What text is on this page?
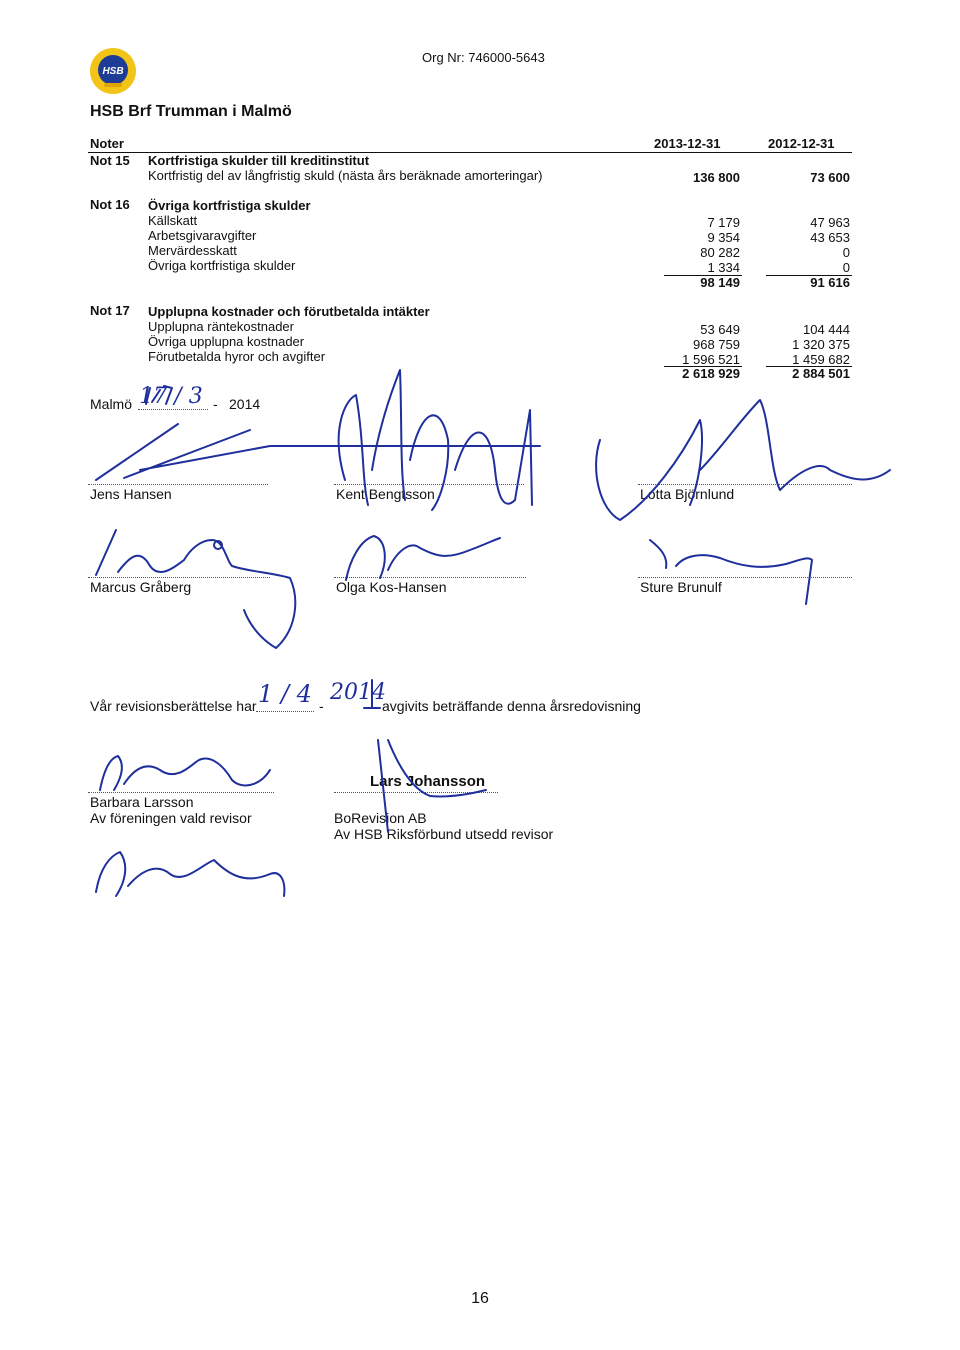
HSB
Org Nr: 746000-5643
HSB Brf Trumman i Malmö
Noter	2013-12-31	2012-12-31
Not 15 Kortfristiga skulder till kreditinstitut
Kortfristig del av långfristig skuld (nästa års beräknade amorteringar)	136 800	73 600
Not 16 Övriga kortfristiga skulder
Källskatt	7 179	47 963
Arbetsgivaravgifter	9 354	43 653
Mervärdesskatt	80 282	0
Övriga kortfristiga skulder	1 334	0
98 149	91 616
Not 17 Upplupna kostnader och förutbetalda intäkter
Upplupna räntekostnader	53 649	104 444
Övriga upplupna kostnader	968 759	1 320 375
Förutbetalda hyror och avgifter	1 596 521	1 459 682
2 618 929	2 884 501
Malmö 17 / 3 - 2014
Jens Hansen	Kent Bengtsson	Lotta Björnlund
Marcus Gråberg	Olga Kos-Hansen	Sture Brunulf
Vår revisionsberättelse har 1 / 4 -
2014
avgivits beträffande denna årsredovisning
Barbara Larsson
Av föreningen vald revisor
Lars Johansson
BoRevision AB
Av HSB Riksförbund utsedd revisor
16
